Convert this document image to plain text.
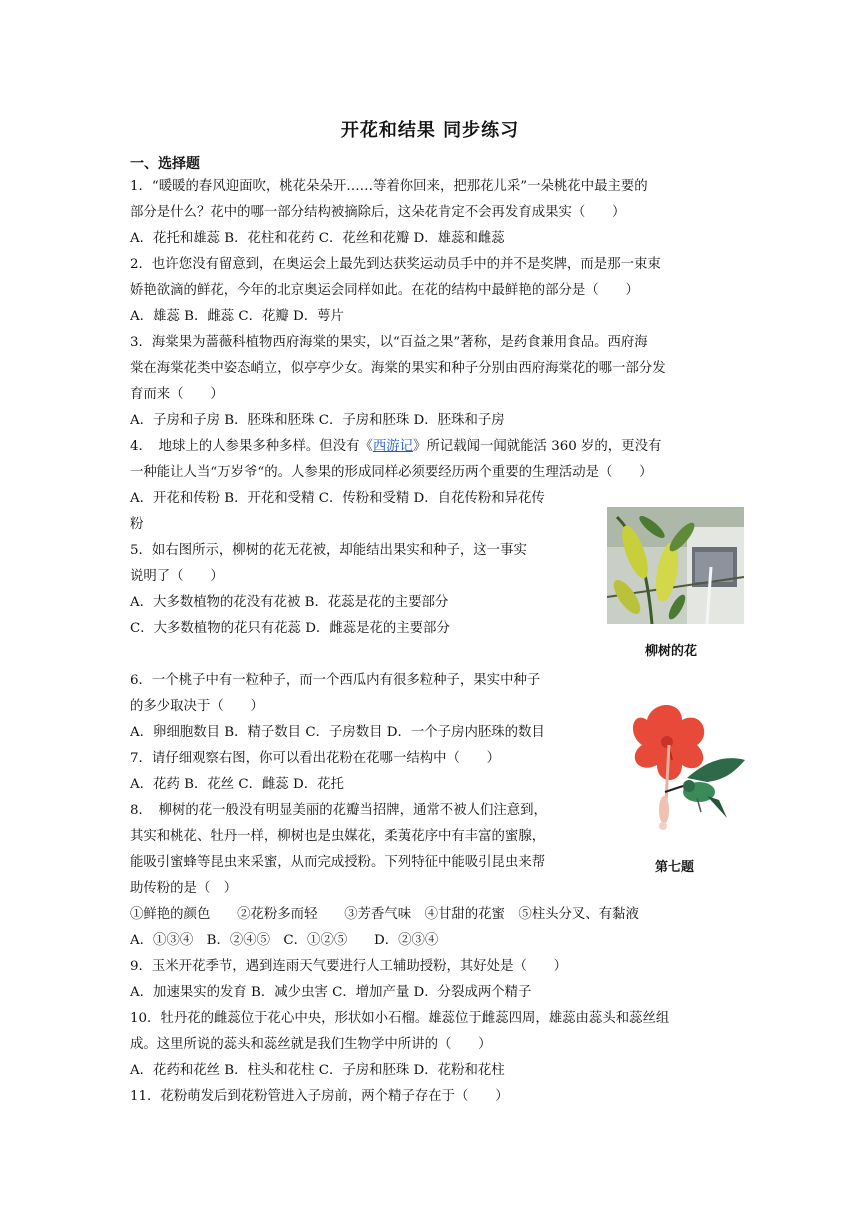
开花和结果 同步练习
一、选择题
1．“暖暖的春风迎面吹，桃花朵朵开……等着你回来，把那花儿采”一朵桃花中最主要的
部分是什么？花中的哪一部分结构被摘除后，这朵花肯定不会再发育成果实（　　）
A．花托和雄蕊 B．花柱和花药 C．花丝和花瓣 D．雄蕊和雌蕊
2．也许您没有留意到，在奥运会上最先到达获奖运动员手中的并不是奖牌，而是那一束束
娇艳欲滴的鲜花，今年的北京奥运会同样如此。在花的结构中最鲜艳的部分是（　　）
A．雄蕊 B．雌蕊 C．花瓣 D．萼片
3．海棠果为蔷薇科植物西府海棠的果实，以“百益之果”著称，是药食兼用食品。西府海
棠在海棠花类中姿态峭立，似亭亭少女。海棠的果实和种子分别由西府海棠花的哪一部分发
育而来（　　）
A．子房和子房 B．胚珠和胚珠 C．子房和胚珠 D．胚珠和子房
4．　地球上的人参果多种多样。但没有《西游记》所记载闻一闻就能活 360 岁的，更没有
一种能让人当“万岁爷“的。人参果的形成同样必须要经历两个重要的生理活动是（　　）
A．开花和传粉 B．开花和受精 C．传粉和受精 D．自花传粉和异花传
粉
5．如右图所示，柳树的花无花被，却能结出果实和种子，这一事实
说明了（　　）
A．大多数植物的花没有花被 B．花蕊是花的主要部分
C．大多数植物的花只有花蕊 D．雌蕊是花的主要部分
柳树的花
6．一个桃子中有一粒种子，而一个西瓜内有很多粒种子，果实中种子
的多少取决于（　　）
A．卵细胞数目 B．精子数目 C．子房数目 D．一个子房内胚珠的数目
7．请仔细观察右图，你可以看出花粉在花哪一结构中（　　）
A．花药 B．花丝 C．雌蕊 D．花托
第七题
8．　柳树的花一般没有明显美丽的花瓣当招牌，通常不被人们注意到，
其实和桃花、牡丹一样，柳树也是虫媒花，柔荑花序中有丰富的蜜腺，
能吸引蜜蜂等昆虫来采蜜，从而完成授粉。下列特征中能吸引昆虫来帮
助传粉的是（　）
①鲜艳的颜色　　②花粉多而轻　　③芳香气味　④甘甜的花蜜　⑤柱头分叉、有黏液
A．①③④　B．②④⑤　C．①②⑤　　D．②③④
9．玉米开花季节，遇到连雨天气要进行人工辅助授粉，其好处是（　　）
A．加速果实的发育 B．减少虫害 C．增加产量 D．分裂成两个精子
10．牡丹花的雌蕊位于花心中央，形状如小石榴。雄蕊位于雌蕊四周，雄蕊由蕊头和蕊丝组
成。这里所说的蕊头和蕊丝就是我们生物学中所讲的（　　）
A．花药和花丝 B．柱头和花柱 C．子房和胚珠 D．花粉和花柱
11．花粉萌发后到花粉管进入子房前，两个精子存在于（　　）
